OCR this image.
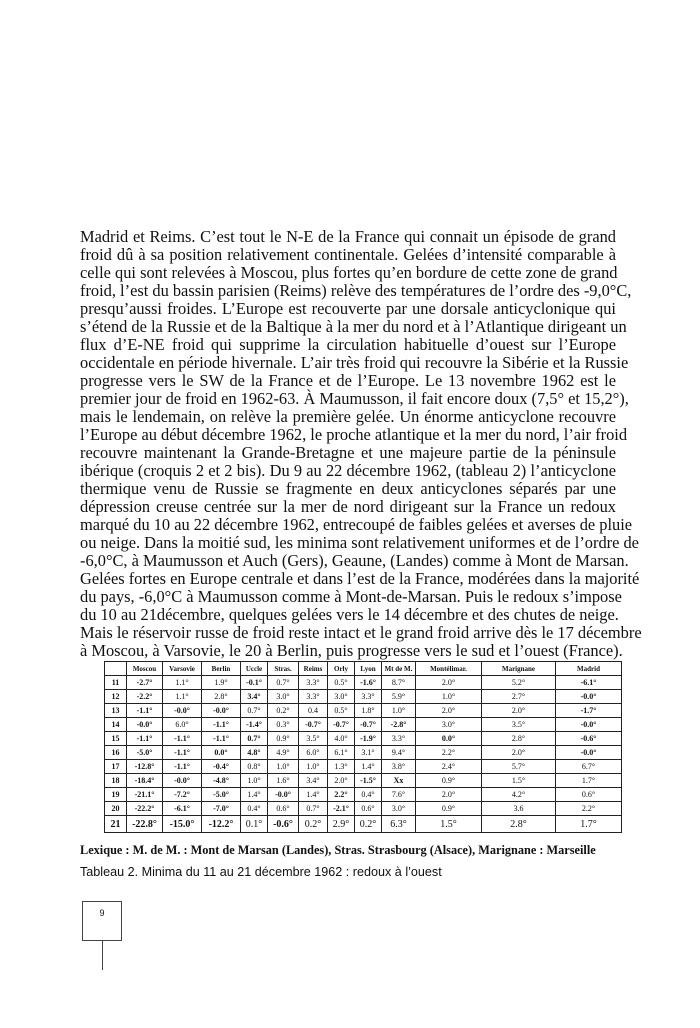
Madrid et Reims. C’est tout le N-E de la France qui connait un épisode de grand
froid dû à sa position relativement continentale. Gelées d’intensité comparable à
celle qui sont relevées à Moscou, plus fortes qu’en bordure de cette zone de grand
froid, l’est du bassin parisien (Reims) relève des températures de l’ordre des -9,0°C,
presqu’aussi froides. L’Europe est recouverte par une dorsale anticyclonique qui
s’étend de la Russie et de la Baltique à la mer du nord et à l’Atlantique dirigeant un
flux d’E-NE froid qui supprime la circulation habituelle d’ouest sur l’Europe
occidentale en période hivernale. L’air très froid qui recouvre la Sibérie et la Russie
progresse vers le SW de la France et de l’Europe. Le 13 novembre 1962 est le
premier jour de froid en 1962-63. À Maumusson, il fait encore doux (7,5° et 15,2°),
mais le lendemain, on relève la première gelée. Un énorme anticyclone recouvre
l’Europe au début décembre 1962, le proche atlantique et la mer du nord, l’air froid
recouvre maintenant la Grande-Bretagne et une majeure partie de la péninsule
ibérique (croquis 2 et 2 bis). Du 9 au 22 décembre 1962, (tableau 2) l’anticyclone
thermique venu de Russie se fragmente en deux anticyclones séparés par une
dépression creuse centrée sur la mer de nord dirigeant sur la France un redoux
marqué du 10 au 22 décembre 1962, entrecoupé de faibles gelées et averses de pluie
ou neige. Dans la moitié sud, les minima sont relativement uniformes et de l’ordre de
-6,0°C, à Maumusson et Auch (Gers), Geaune, (Landes) comme à Mont de Marsan.
Gelées fortes en Europe centrale et dans l’est de la France, modérées dans la majorité
du pays, -6,0°C à Maumusson comme à Mont-de-Marsan. Puis le redoux s’impose
du 10 au 21décembre, quelques gelées vers le 14 décembre et des chutes de neige.
Mais le réservoir russe de froid reste intact et le grand froid arrive dès le 17 décembre
à Moscou, à Varsovie, le 20 à Berlin, puis progresse vers le sud et l’ouest (France).
	Moscou	Varsovie	Berlin	Uccle	Stras.	Reims	Orly	Lyon	Mt de M.	Montélimar.	Marignane	Madrid
11	-2.7°	1.1°	1.9°	-0.1°	0.7°	3.3°	0.5°	-1.6°	8.7°	2.0°	5.2°	-6.1°
12	-2.2°	1.1°	2.8°	3.4°	3.0°	3.3°	3.0°	3.3°	5.9°	1.0°	2.7°	-0.0°
13	-1.1°	-0.0°	-0.0°	0.7°	0.2°	0.4	0.5°	1.8°	1.0°	2.0°	2.0°	-1.7°
14	-0.0°	6.0°	-1.1°	-1.4°	0.3°	-0.7°	-0.7°	-0.7°	-2.8°	3.0°	3.5°	-0.0°
15	-1.1°	-1.1°	-1.1°	0.7°	0.9°	3.5°	4.0°	-1.9°	3.3°	0.0°	2.8°	-0.6°
16	-5.0°	-1.1°	0.0°	4.8°	4.9°	6.0°	6.1°	3.1°	9.4°	2.2°	2.0°	-0.0°
17	-12.8°	-1.1°	-0.4°	0.8°	1.0°	1.0°	1.3°	1.4°	3.8°	2.4°	5.7°	6.7°
18	-18.4°	-0.0°	-4.8°	1.0°	1.6°	3.4°	2.0°	-1.5°	Xx	0.9°	1.5°	1.7°
19	-21.1°	-7.2°	-5.0°	1.4°	-0.0°	1.4°	2.2°	0.4°	7.6°	2.0°	4.2°	0.6°
20	-22.2°	-6.1°	-7.0°	0.4°	0.6°	0.7°	-2.1°	0.6°	3.0°	0.9°	3.6	2.2°
21	-22.8°	-15.0°	-12.2°	0.1°	-0.6°	0.2°	2.9°	0.2°	6.3°	1.5°	2.8°	1.7°
Lexique : M. de M. : Mont de Marsan (Landes), Stras. Strasbourg (Alsace), Marignane : Marseille
Tableau 2. Minima du 11 au 21 décembre 1962 : redoux à l’ouest
9
